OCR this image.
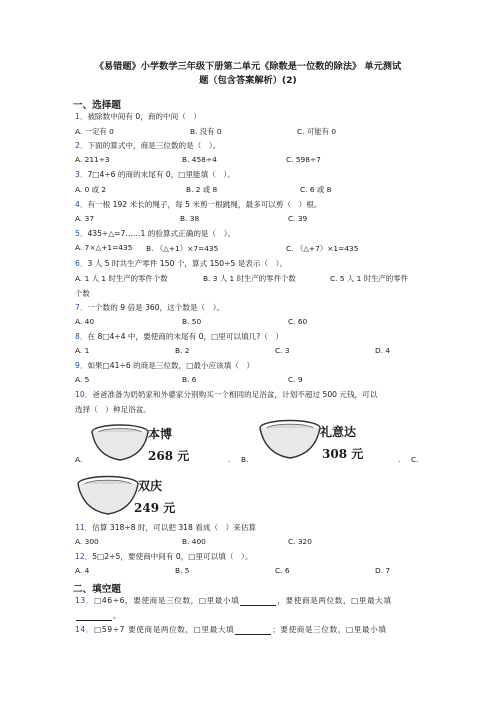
《易错题》小学数学三年级下册第二单元《除数是一位数的除法》 单元测试
题（包含答案解析）(2)
一、选择题
1．被除数中间有 0，商的中间（　）
A. 一定有 0	B. 没有 0	C. 可能有 0
2．下面的算式中，商是三位数的是（　）。
A. 211÷3	B. 458÷4	C. 598÷7
3．7□4÷6 的商的末尾有 0，□里能填（　）。
A. 0 或 2	B. 2 或 8	C. 6 或 8
4．有一根 192 米长的绳子，每 5 米剪一根跳绳，最多可以剪（　）根。
A. 37	B. 38	C. 39
5．435÷△=7……1 的验算式正确的是（　）。
A. 7×△+1=435 B. （△+1）×7=435	C. （△+7）×1=435
6．3 人 5 时共生产零件 150 个，算式 150÷5 是表示（　）。
A. 1 人 1 时生产的零件个数	B. 3 人 1 时生产的零件个数	C. 5 人 1 时生产的零件
个数
7．一个数的 9 倍是 360，这个数是（　）。
A. 40	B. 50	C. 60
8．在 8□4÷4 中，要使商的末尾有 0，□里可以填几?（　）
A. 1	B. 2	C. 3	D. 4
9．如果□41÷6 的商是三位数，□最小应该填（　）
A. 5	B. 6	C. 9
10．爸爸准备为奶奶家和外婆家分别购买一个相同的足浴盆，计划不超过 500 元钱，可以
选择（　）种足浴盆。
A.
本博
268 元	. B.
礼意达
308 元	. C.
双庆
249 元
11．估算 318÷8 时，可以把 318 看成（　）来估算
A. 300	B. 400	C. 320
12．5□2÷5，要使商中间有 0，□里可以填（　）。
A. 4	B. 5	C. 6	D. 7
二、填空题
13．□46÷6，要使商是三位数，□里最小填	，要使商是两位数，□里最大填
。
14．□59÷7 要使商是两位数，□里最大填	；要使商是三位数，□里最小填
